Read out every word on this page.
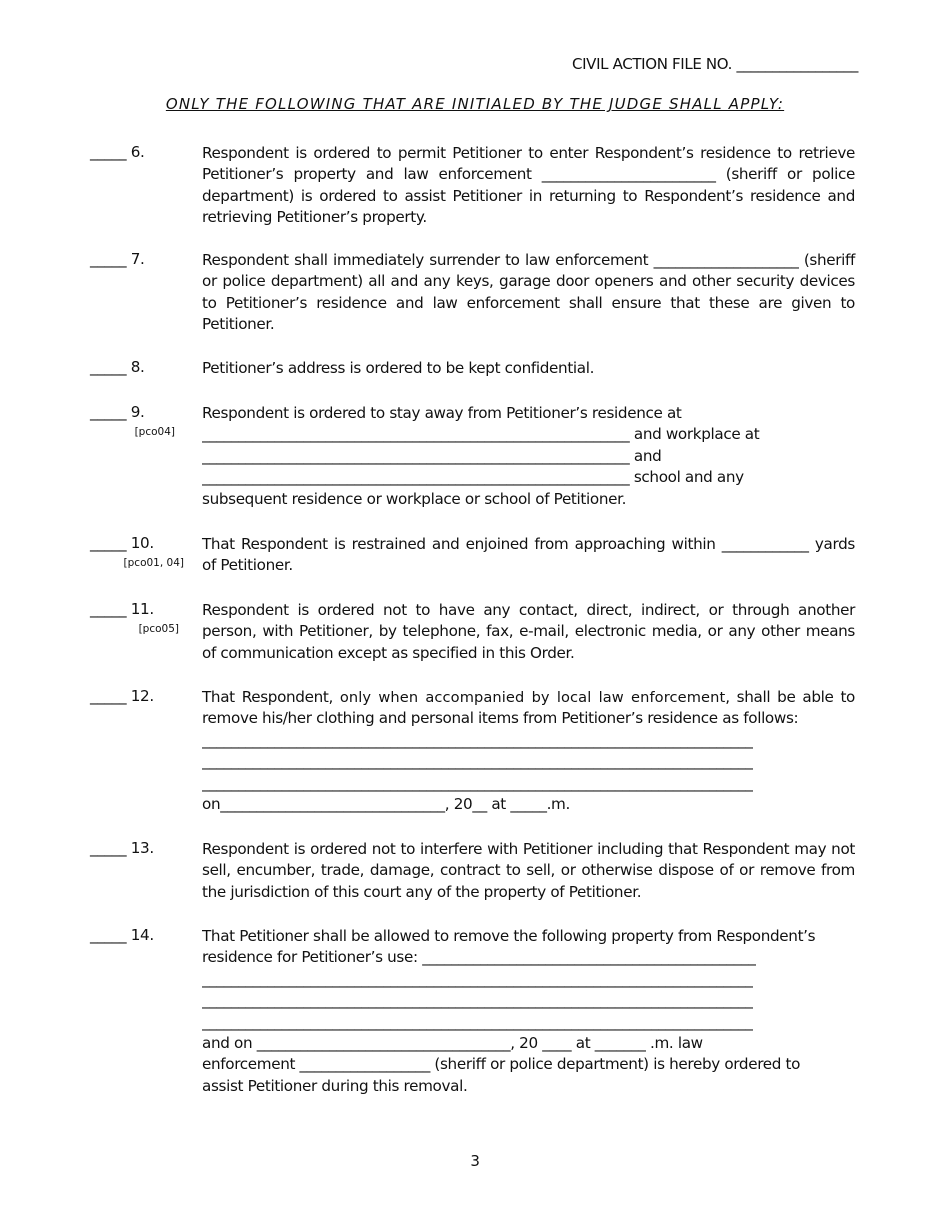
CIVIL ACTION FILE NO. _________________
ONLY THE FOLLOWING THAT ARE INITIALED BY THE JUDGE SHALL APPLY:
_____ 6.	Respondent is ordered to permit Petitioner to enter Respondent’s residence to retrieve Petitioner’s property and law enforcement ________________________ (sheriff or police department) is ordered to assist Petitioner in returning to Respondent’s residence and retrieving Petitioner’s property.
_____ 7.	Respondent shall immediately surrender to law enforcement ____________________ (sheriff or police department) all and any keys, garage door openers and other security devices to Petitioner’s residence and law enforcement shall ensure that these are given to Petitioner.
_____ 8.	Petitioner’s address is ordered to be kept confidential.
_____ 9.
[pco04]
Respondent is ordered to stay away from Petitioner’s residence at
___________________________________________________________ and workplace at
___________________________________________________________ and
___________________________________________________________ school and any
subsequent residence or workplace or school of Petitioner.
_____ 10.
[pco01, 04]
That Respondent is restrained and enjoined from approaching within ____________ yards of Petitioner.
_____ 11.
[pco05]
Respondent is ordered not to have any contact, direct, indirect, or through another person, with Petitioner, by telephone, fax, e-mail, electronic media, or any other means of communication except as specified in this Order.
_____ 12.	That Respondent, only when accompanied by local law enforcement, shall be able to remove his/her clothing and personal items from Petitioner’s residence as follows:
____________________________________________________________________________
____________________________________________________________________________
____________________________________________________________________________
on_______________________________, 20__ at _____.m.
_____ 13.	Respondent is ordered not to interfere with Petitioner including that Respondent may not sell, encumber, trade, damage, contract to sell, or otherwise dispose of or remove from the jurisdiction of this court any of the property of Petitioner.
_____ 14.	That Petitioner shall be allowed to remove the following property from Respondent’s
residence for Petitioner’s use: ______________________________________________
____________________________________________________________________________
____________________________________________________________________________
____________________________________________________________________________
and on ___________________________________, 20 ____ at _______ .m. law
enforcement __________________ (sheriff or police department) is hereby ordered to
assist Petitioner during this removal.
3
